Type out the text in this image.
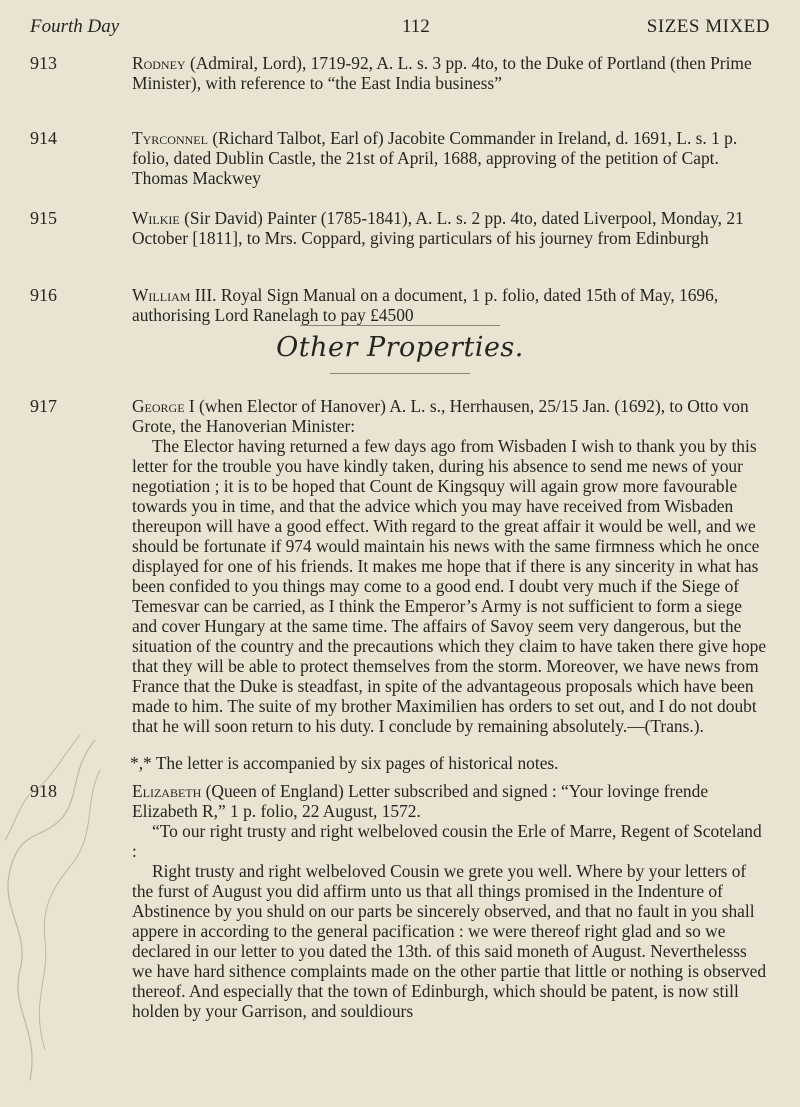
Fourth Day	112	SIZES MIXED
913	Rodney (Admiral, Lord), 1719-92, A. L. s. 3 pp. 4to, to the Duke of Portland (then Prime Minister), with reference to “the East India business”
914	Tyrconnel (Richard Talbot, Earl of) Jacobite Commander in Ireland, d. 1691, L. s. 1 p. folio, dated Dublin Castle, the 21st of April, 1688, approving of the petition of Capt. Thomas Mackwey
915	Wilkie (Sir David) Painter (1785-1841), A. L. s. 2 pp. 4to, dated Liverpool, Monday, 21 October [1811], to Mrs. Coppard, giving particulars of his journey from Edinburgh
916	William III. Royal Sign Manual on a document, 1 p. folio, dated 15th of May, 1696, authorising Lord Ranelagh to pay £4500
Other Properties.
917	George I (when Elector of Hanover) A. L. s., Herrhausen, 25/15 Jan. (1692), to Otto von Grote, the Hanoverian Minister:

The Elector having returned a few days ago from Wisbaden I wish to thank you by this letter for the trouble you have kindly taken, during his absence to send me news of your negotiation ; it is to be hoped that Count de Kingsquy will again grow more favourable towards you in time, and that the advice which you may have received from Wisbaden thereupon will have a good effect. With regard to the great affair it would be well, and we should be fortunate if 974 would maintain his news with the same firmness which he once displayed for one of his friends. It makes me hope that if there is any sincerity in what has been confided to you things may come to a good end. I doubt very much if the Siege of Temesvar can be carried, as I think the Emperor’s Army is not sufficient to form a siege and cover Hungary at the same time. The affairs of Savoy seem very dangerous, but the situation of the country and the precautions which they claim to have taken there give hope that they will be able to protect themselves from the storm. Moreover, we have news from France that the Duke is steadfast, in spite of the advantageous proposals which have been made to him. The suite of my brother Maximilien has orders to set out, and I do not doubt that he will soon return to his duty. I conclude by remaining absolutely.—(Trans.).

*,* The letter is accompanied by six pages of historical notes.
918	Elizabeth (Queen of England) Letter subscribed and signed : “Your lovinge frende Elizabeth R,” 1 p. folio, 22 August, 1572.

“To our right trusty and right welbeloved cousin the Erle of Marre, Regent of Scoteland :

Right trusty and right welbeloved Cousin we grete you well. Where by your letters of the furst of August you did affirm unto us that all things promised in the Indenture of Abstinence by you shuld on our parts be sincerely observed, and that no fault in you shall appere in according to the general pacification : we were thereof right glad and so we declared in our letter to you dated the 13th. of this said moneth of August. Neverthelesss we have hard sithence complaints made on the other partie that little or nothing is observed thereof. And especially that the town of Edinburgh, which should be patent, is now still holden by your Garrison, and souldiours
